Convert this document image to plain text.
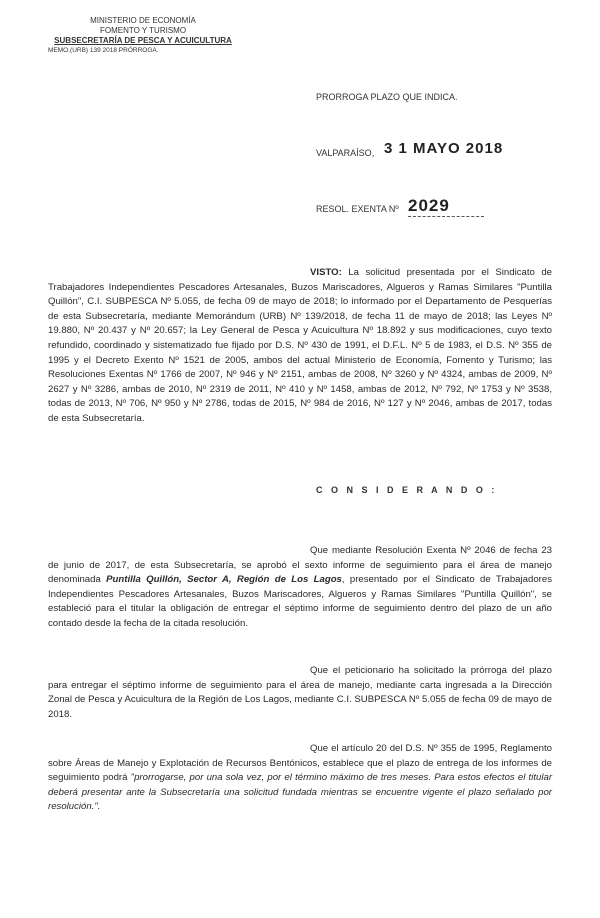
MINISTERIO DE ECONOMÍA
FOMENTO Y TURISMO
SUBSECRETARÍA DE PESCA Y ACUICULTURA
MEMO.(URB) 139 2018 PRÓRROGA.
PRORROGA PLAZO QUE INDICA.
VALPARAÍSO, 3 1 MAYO 2018
RESOL. EXENTA Nº 2029
VISTO: La solicitud presentada por el Sindicato de Trabajadores Independientes Pescadores Artesanales, Buzos Mariscadores, Algueros y Ramas Similares "Puntilla Quillón", C.I. SUBPESCA Nº 5.055, de fecha 09 de mayo de 2018; lo informado por el Departamento de Pesquerías de esta Subsecretaría, mediante Memorándum (URB) Nº 139/2018, de fecha 11 de mayo de 2018; las Leyes Nº 19.880, Nº 20.437 y Nº 20.657; la Ley General de Pesca y Acuicultura Nº 18.892 y sus modificaciones, cuyo texto refundido, coordinado y sistematizado fue fijado por D.S. Nº 430 de 1991, el D.F.L. Nº 5 de 1983, el D.S. Nº 355 de 1995 y el Decreto Exento Nº 1521 de 2005, ambos del actual Ministerio de Economía, Fomento y Turismo; las Resoluciones Exentas Nº 1766 de 2007, Nº 946 y Nº 2151, ambas de 2008, Nº 3260 y Nº 4324, ambas de 2009, Nº 2627 y Nº 3286, ambas de 2010, Nº 2319 de 2011, Nº 410 y Nº 1458, ambas de 2012, Nº 792, Nº 1753 y Nº 3538, todas de 2013, Nº 706, Nº 950 y Nº 2786, todas de 2015, Nº 984 de 2016, Nº 127 y Nº 2046, ambas de 2017, todas de esta Subsecretaría.
C O N S I D E R A N D O :
Que mediante Resolución Exenta Nº 2046 de fecha 23 de junio de 2017, de esta Subsecretaría, se aprobó el sexto informe de seguimiento para el área de manejo denominada Puntilla Quillón, Sector A, Región de Los Lagos, presentado por el Sindicato de Trabajadores Independientes Pescadores Artesanales, Buzos Mariscadores, Algueros y Ramas Similares "Puntilla Quillón", se estableció para el titular la obligación de entregar el séptimo informe de seguimiento dentro del plazo de un año contado desde la fecha de la citada resolución.
Que el peticionario ha solicitado la prórroga del plazo para entregar el séptimo informe de seguimiento para el área de manejo, mediante carta ingresada a la Dirección Zonal de Pesca y Acuicultura de la Región de Los Lagos, mediante C.I. SUBPESCA Nº 5.055 de fecha 09 de mayo de 2018.
Que el artículo 20 del D.S. Nº 355 de 1995, Reglamento sobre Áreas de Manejo y Explotación de Recursos Bentónicos, establece que el plazo de entrega de los informes de seguimiento podrá "prorrogarse, por una sola vez, por el término máximo de tres meses. Para estos efectos el titular deberá presentar ante la Subsecretaría una solicitud fundada mientras se encuentre vigente el plazo señalado por resolución.".
